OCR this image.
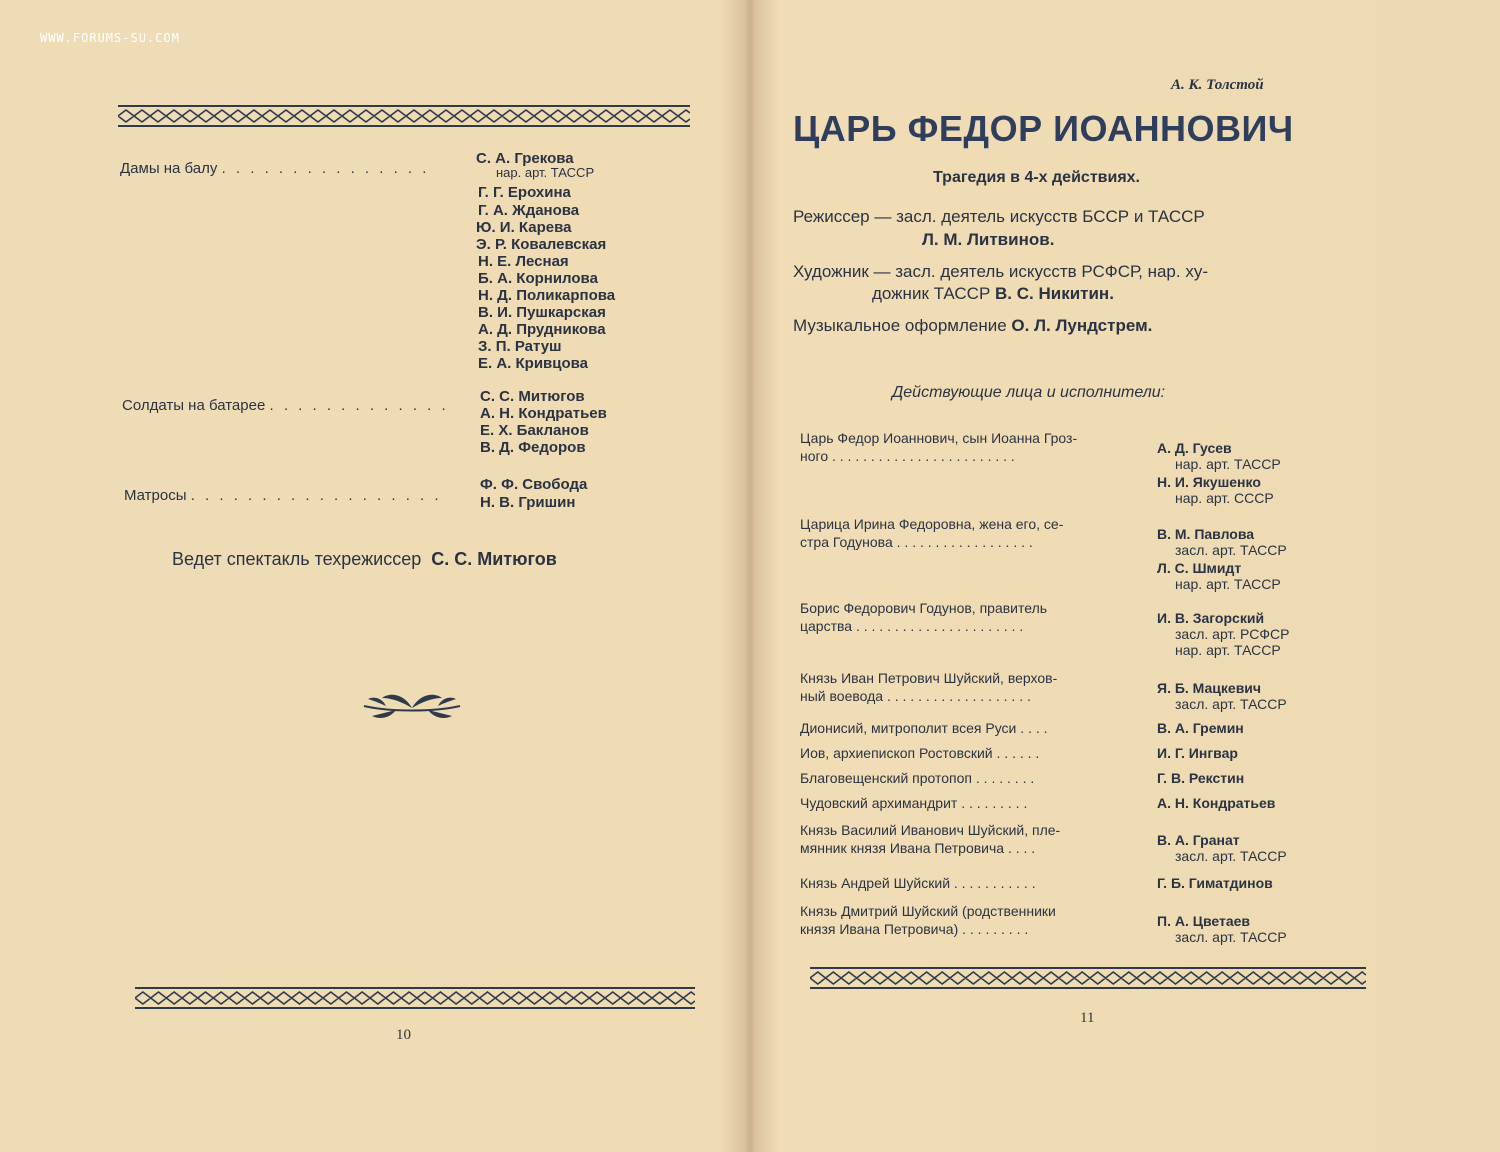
WWW.FORUMS-SU.COM
Дамы на балу . . . . . . . . . . . . . . .
С. А. Грекова
нар. арт. ТАССР
Г. Г. Ерохина
Г. А. Жданова
Ю. И. Карева
Э. Р. Ковалевская
Н. Е. Лесная
Б. А. Корнилова
Н. Д. Поликарпова
В. И. Пушкарская
А. Д. Прудникова
З. П. Ратуш
Е. А. Кривцова
Солдаты на батарее . . . . . . . . . . . . .
С. С. Митюгов
А. Н. Кондратьев
Е. Х. Бакланов
В. Д. Федоров
Матросы . . . . . . . . . . . . . . . . . .
Ф. Ф. Свобода
Н. В. Гришин
Ведет спектакль техрежиссер С. С. Митюгов
10
А. К. Толстой
ЦАРЬ ФЕДОР ИОАННОВИЧ
Трагедия в 4-х действиях.
Режиссер — засл. деятель искусств БССР и ТАССР
Л. М. Литвинов.
Художник — засл. деятель искусств РСФСР, нар. ху-
дожник ТАССР В. С. Никитин.
Музыкальное оформление О. Л. Лундстрем.
Действующие лица и исполнители:
Царь Федор Иоаннович, сын Иоанна Гроз-
ного . . . . . . . . . . . . . . . . . . . . . . . .	А. Д. Гусев
нар. арт. ТАССР
Н. И. Якушенко
нар. арт. СССР
Царица Ирина Федоровна, жена его, се-
стра Годунова . . . . . . . . . . . . . . . . . .	В. М. Павлова
засл. арт. ТАССР
Л. С. Шмидт
нар. арт. ТАССР
Борис Федорович Годунов, правитель
царства . . . . . . . . . . . . . . . . . . . . . .	И. В. Загорский
засл. арт. РСФСР
нар. арт. ТАССР
Князь Иван Петрович Шуйский, верхов-
ный воевода . . . . . . . . . . . . . . . . . . .	Я. Б. Мацкевич
засл. арт. ТАССР
Дионисий, митрополит всея Руси . . . .	В. А. Гремин
Иов, архиепископ Ростовский . . . . . .	И. Г. Ингвар
Благовещенский протопоп . . . . . . . .	Г. В. Рекстин
Чудовский архимандрит . . . . . . . . .	А. Н. Кондратьев
Князь Василий Иванович Шуйский, пле-
мянник князя Ивана Петровича . . . .	В. А. Гранат
засл. арт. ТАССР
Князь Андрей Шуйский . . . . . . . . . . .	Г. Б. Гиматдинов
Князь Дмитрий Шуйский (родственники
князя Ивана Петровича) . . . . . . . . .	П. А. Цветаев
засл. арт. ТАССР
11
